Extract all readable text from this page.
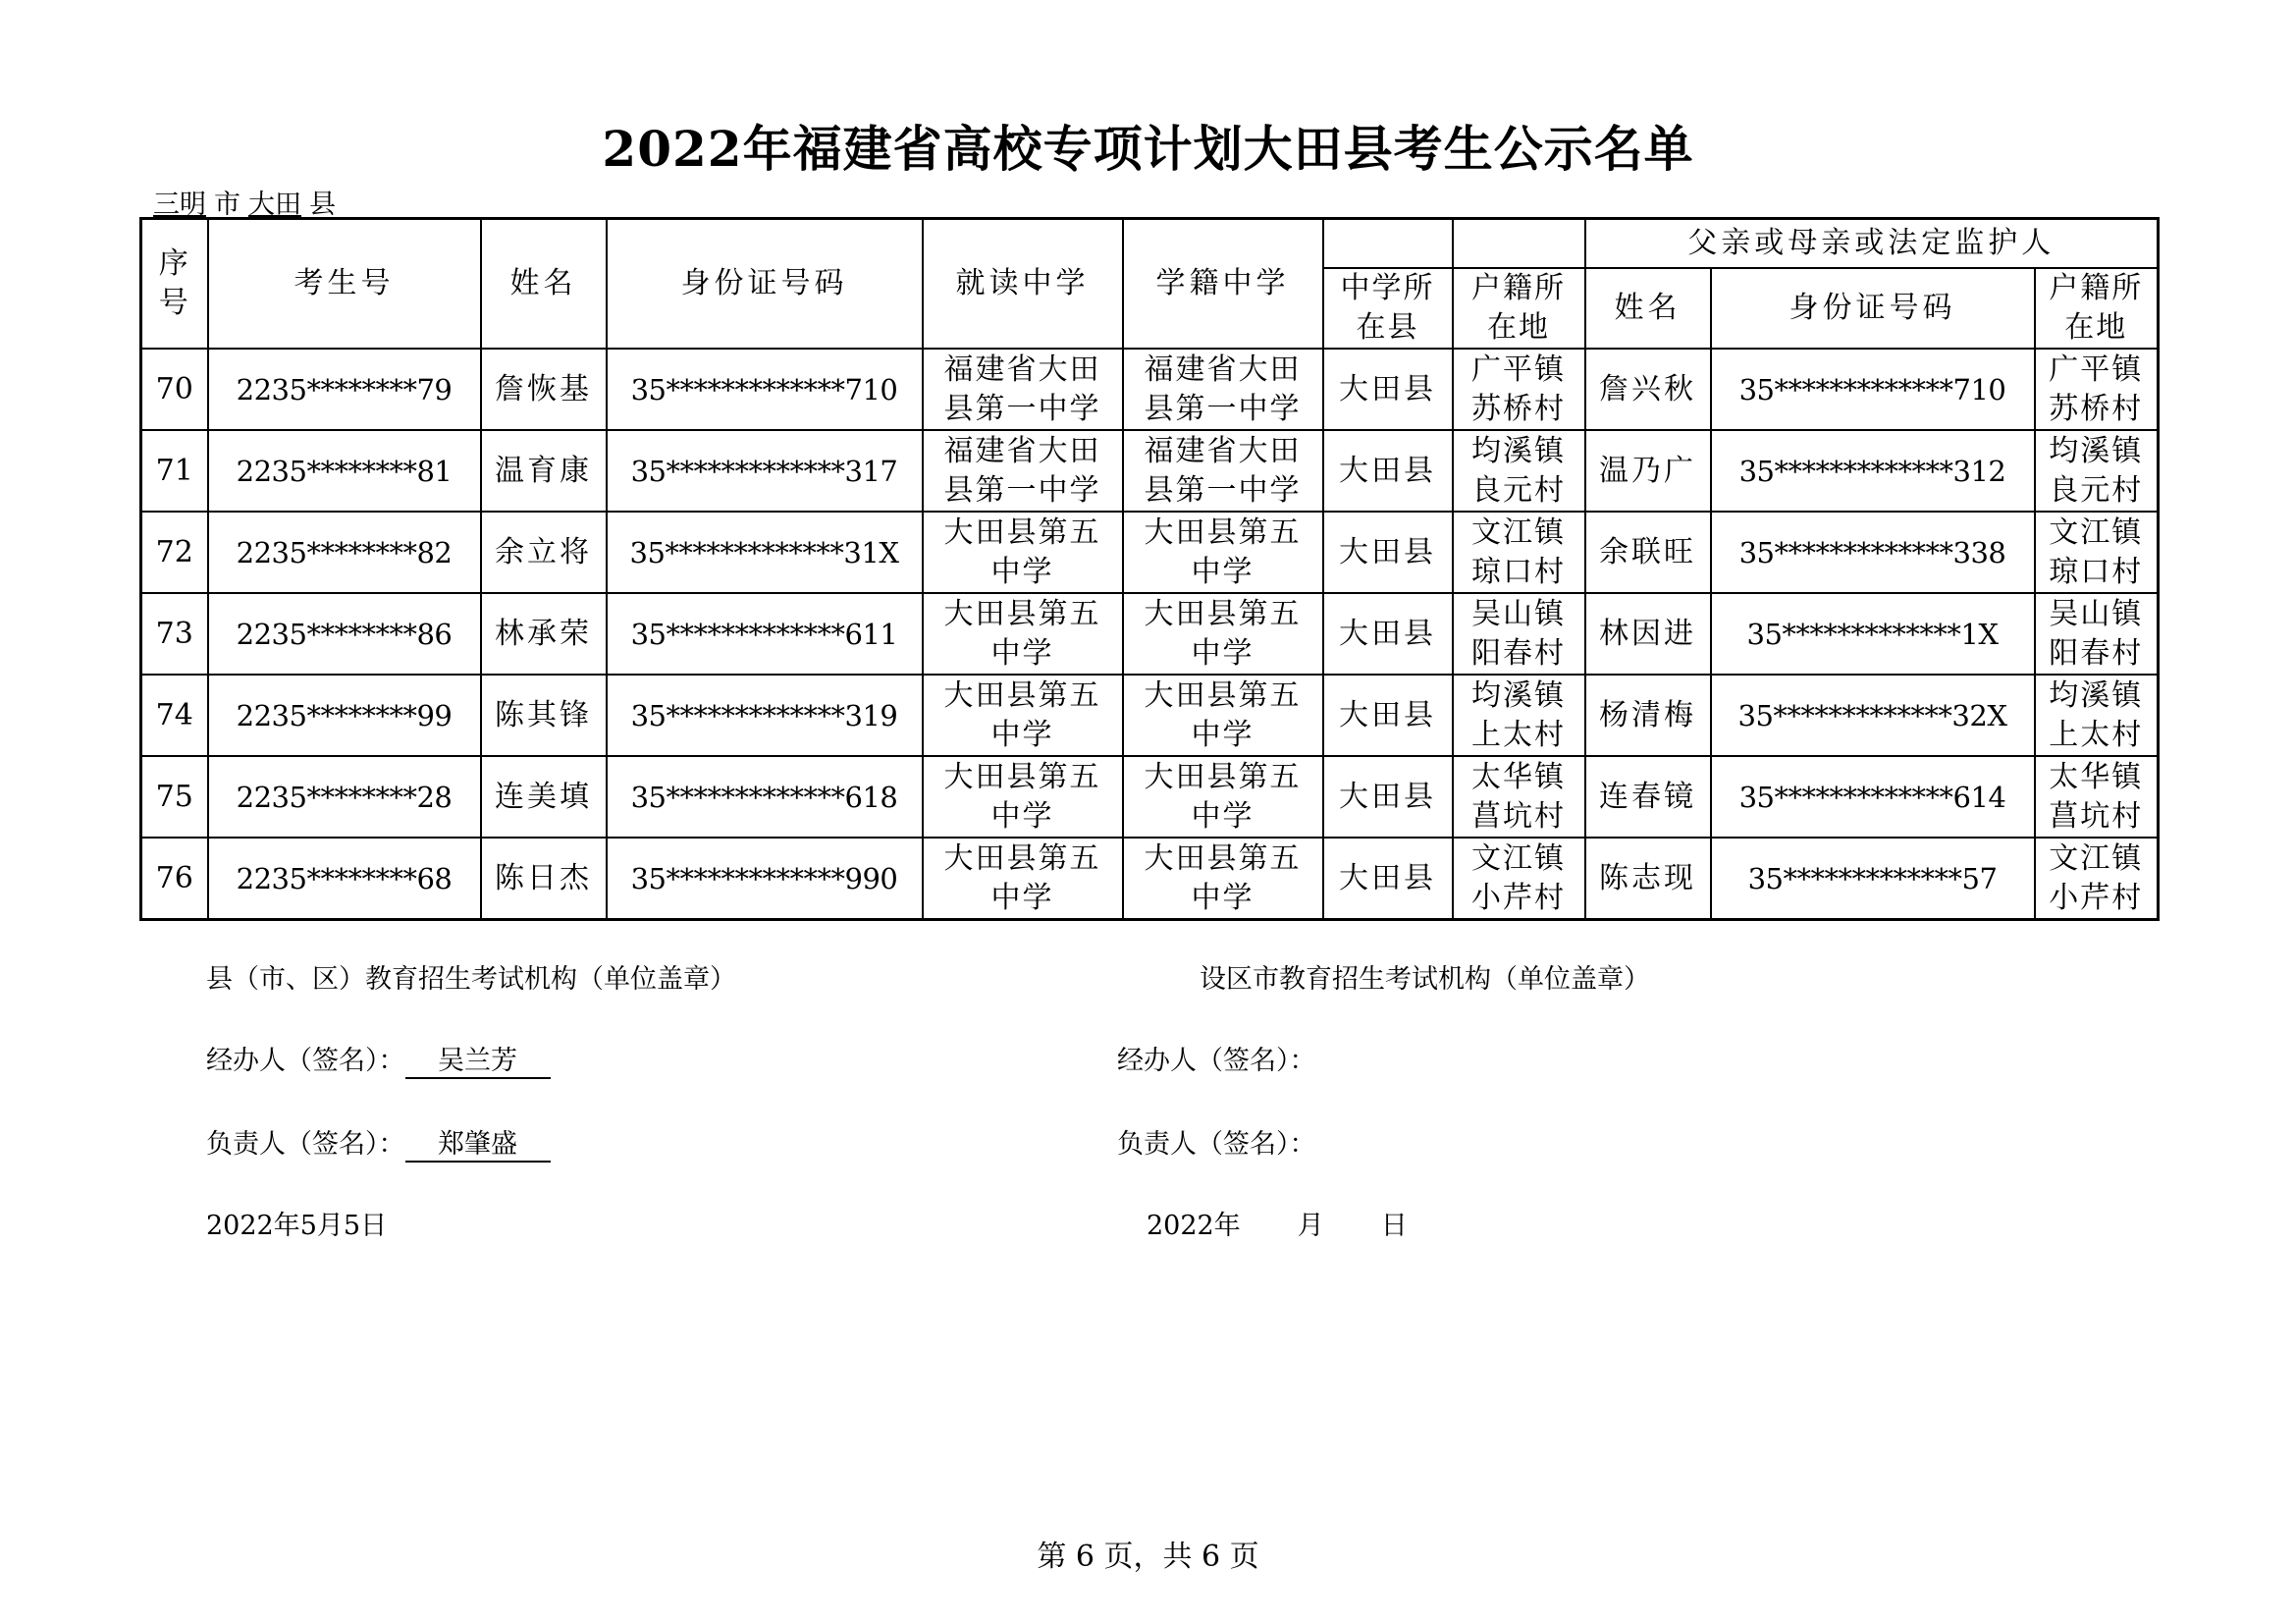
2022年福建省高校专项计划大田县考生公示名单
三明 市 大田 县
序号	考生号	姓名	身份证号码	就读中学	学籍中学			父亲或母亲或法定监护人		
						中学所在县	户籍所在地	姓名	身份证号码	户籍所在地
70	2235********79	詹恢基	35*************710	福建省大田县第一中学	福建省大田县第一中学	大田县	广平镇苏桥村	詹兴秋	35*************710	广平镇苏桥村
71	2235********81	温育康	35*************317	福建省大田县第一中学	福建省大田县第一中学	大田县	均溪镇良元村	温乃广	35*************312	均溪镇良元村
72	2235********82	余立将	35*************31X	大田县第五中学	大田县第五中学	大田县	文江镇琼口村	余联旺	35*************338	文江镇琼口村
73	2235********86	林承荣	35*************611	大田县第五中学	大田县第五中学	大田县	吴山镇阳春村	林因进	35*************1X	吴山镇阳春村
74	2235********99	陈其锋	35*************319	大田县第五中学	大田县第五中学	大田县	均溪镇上太村	杨清梅	35*************32X	均溪镇上太村
75	2235********28	连美填	35*************618	大田县第五中学	大田县第五中学	大田县	太华镇菖坑村	连春镜	35*************614	太华镇菖坑村
76	2235********68	陈日杰	35*************990	大田县第五中学	大田县第五中学	大田县	文江镇小芹村	陈志现	35*************57	文江镇小芹村
县（市、区）教育招生考试机构（单位盖章）	设区市教育招生考试机构（单位盖章）
经办人（签名）： 吴兰芳	经办人（签名）：
负责人（签名）： 郑肇盛	负责人（签名）：
2022年5月5日	2022年 月 日
第 6 页，共 6 页
